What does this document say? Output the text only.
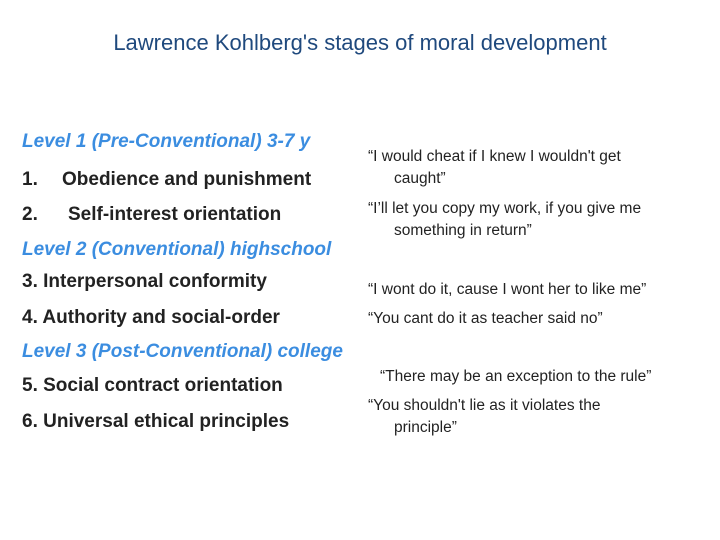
Lawrence Kohlberg's stages of moral development
Level 1 (Pre-Conventional) 3-7 y
1. Obedience and punishment
2. Self-interest orientation
Level 2 (Conventional) highschool
3. Interpersonal conformity
4. Authority and social-order
Level 3 (Post-Conventional) college
5. Social contract orientation
6. Universal ethical principles
“I would cheat if I knew I wouldn't get
caught”
“I’ll let you copy my work, if you give me
something in return”
“I wont do it, cause I wont her to like me”
“You cant do it as teacher said no”
“There may be an exception to the rule”
“You shouldn't lie as it violates the
principle”
